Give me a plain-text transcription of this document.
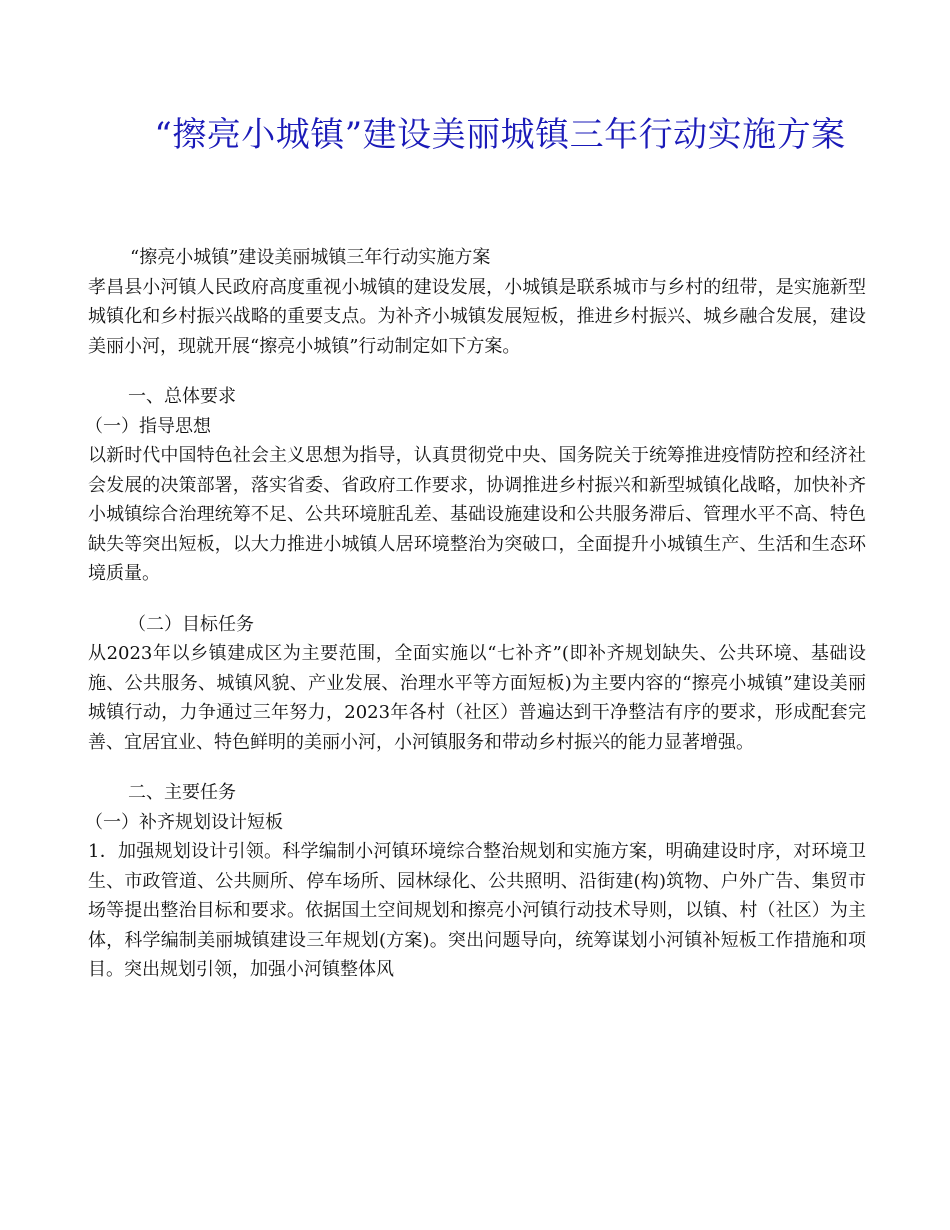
“擦亮小城镇”建设美丽城镇三年行动实施方案

“擦亮小城镇”建设美丽城镇三年行动实施方案

孝昌县小河镇人民政府高度重视小城镇的建设发展，小城镇是联系城市与乡村的纽带，是实施新型城镇化和乡村振兴战略的重要支点。为补齐小城镇发展短板，推进乡村振兴、城乡融合发展，建设美丽小河，现就开展“擦亮小城镇”行动制定如下方案。

一、总体要求

（一）指导思想

以新时代中国特色社会主义思想为指导，认真贯彻党中央、国务院关于统筹推进疫情防控和经济社会发展的决策部署，落实省委、省政府工作要求，协调推进乡村振兴和新型城镇化战略，加快补齐小城镇综合治理统筹不足、公共环境脏乱差、基础设施建设和公共服务滞后、管理水平不高、特色缺失等突出短板，以大力推进小城镇人居环境整治为突破口，全面提升小城镇生产、生活和生态环境质量。

（二）目标任务

从2023年以乡镇建成区为主要范围，全面实施以“七补齐”(即补齐规划缺失、公共环境、基础设施、公共服务、城镇风貌、产业发展、治理水平等方面短板)为主要内容的“擦亮小城镇”建设美丽城镇行动，力争通过三年努力，2023年各村（社区）普遍达到干净整洁有序的要求，形成配套完善、宜居宜业、特色鲜明的美丽小河，小河镇服务和带动乡村振兴的能力显著增强。

二、主要任务

（一）补齐规划设计短板

1．加强规划设计引领。科学编制小河镇环境综合整治规划和实施方案，明确建设时序，对环境卫生、市政管道、公共厕所、停车场所、园林绿化、公共照明、沿街建(构)筑物、户外广告、集贸市场等提出整治目标和要求。依据国土空间规划和擦亮小河镇行动技术导则，以镇、村（社区）为主体，科学编制美丽城镇建设三年规划(方案)。突出问题导向，统筹谋划小河镇补短板工作措施和项目。突出规划引领，加强小河镇整体风
